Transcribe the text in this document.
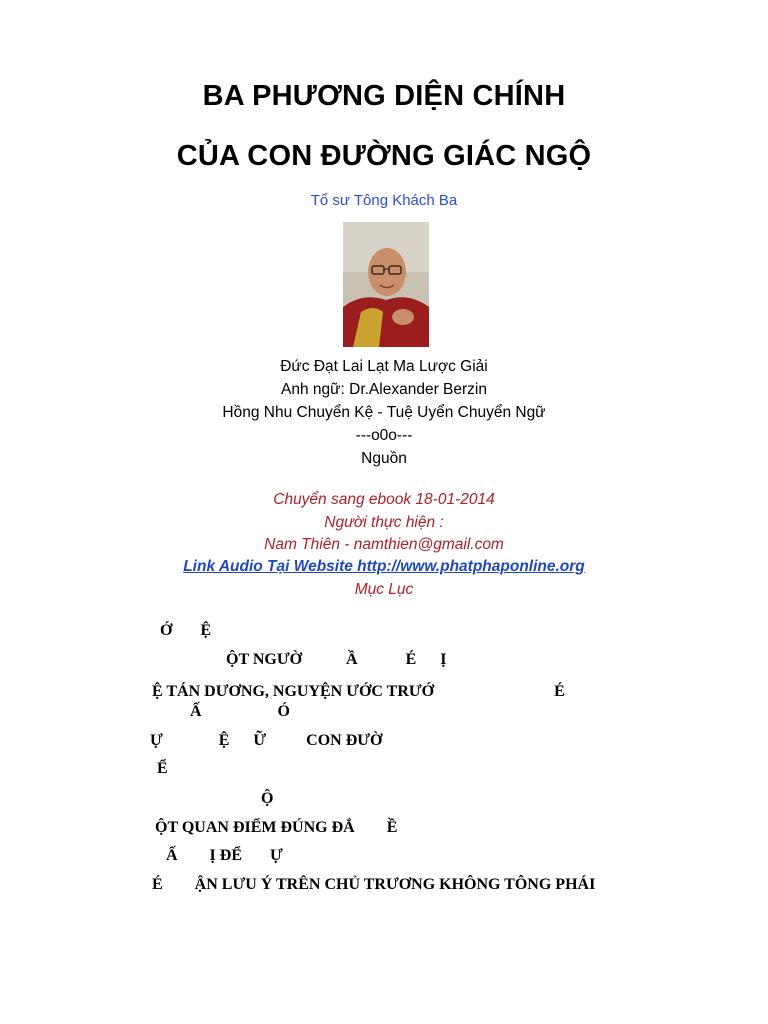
BA PHƯƠNG DIỆN CHÍNH
CỦA CON ĐƯỜNG GIÁC NGỘ
Tổ sư Tông Khách Ba
Đức Đạt Lai Lạt Ma Lược Giải
Anh ngữ: Dr.Alexander Berzin
Hồng Nhu Chuyển Kệ - Tuệ Uyển Chuyển Ngữ
---o0o---
Nguồn
Chuyển sang ebook 18-01-2014
Người thực hiện :
Nam Thiên - namthien@gmail.com
Link Audio Tại Website http://www.phatphaponline.org
Mục Lục
Ớ       Ệ
ỘT NGƯỜ           Ầ            É      Ị
Ệ TÁN DƯƠNG, NGUYỆN ƯỚC TRƯỚ                              É
Ấ                   Ó
Ự              Ệ      Ữ          CON ĐƯỜ
Ể
Ộ
ỘT QUAN ĐIỂM ĐÚNG ĐẮ        Ề
Ấ        Ị ĐỂ       Ự
É        ẬN LƯU Ý TRÊN CHỦ TRƯƠNG KHÔNG TÔNG PHÁI
